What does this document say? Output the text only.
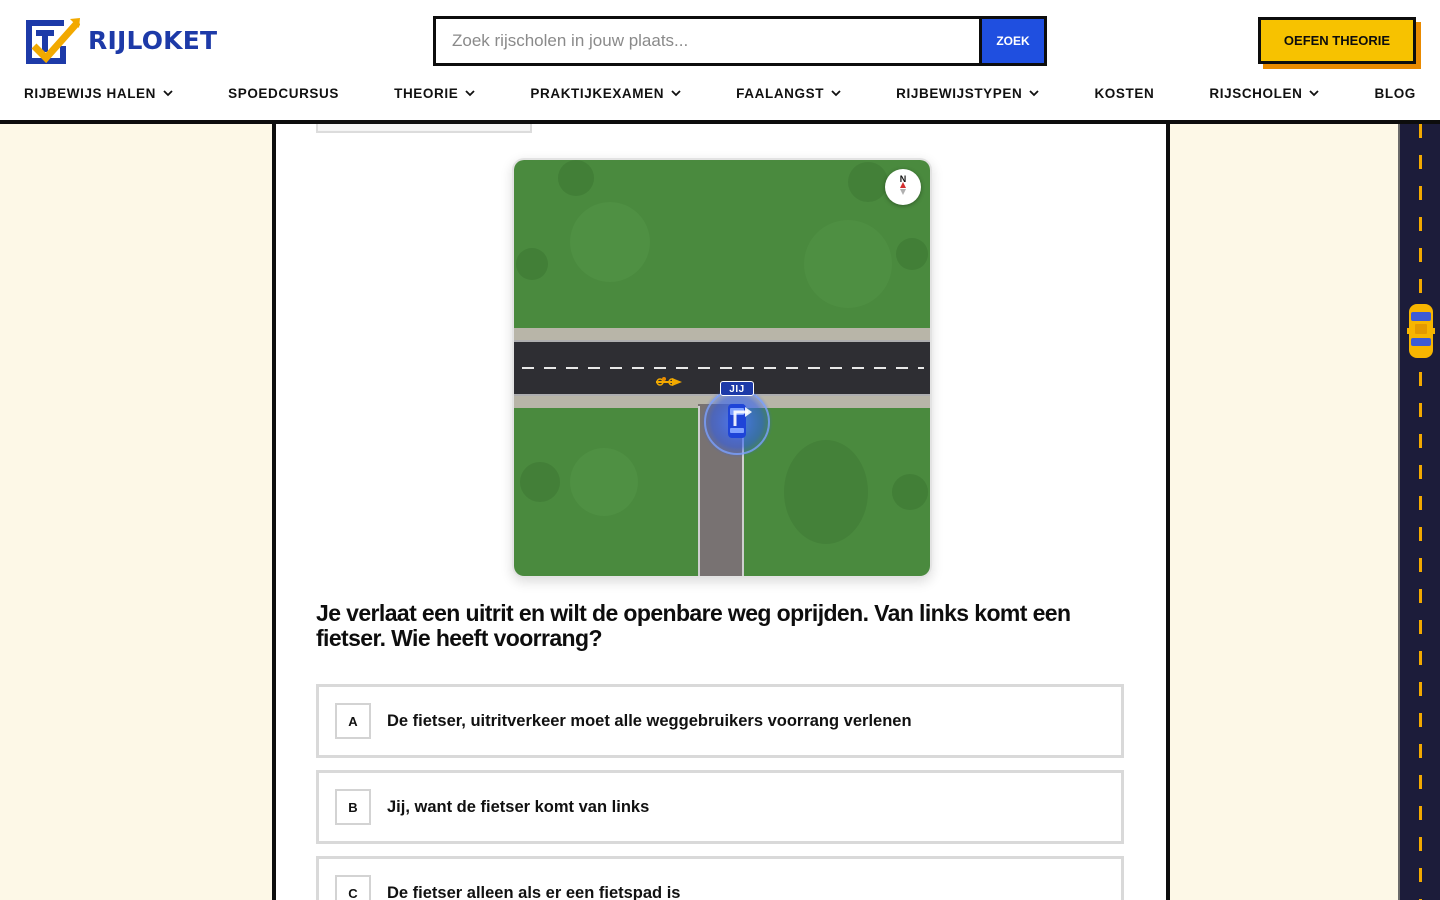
RIJLOKET
Zoek rijscholen in jouw plaats...	ZOEK	OEFEN THEORIE
RIJBEWIJS HALEN	SPOEDCURSUS	THEORIE	PRAKTIJKEXAMEN	FAALANGST	RIJBEWIJSTYPEN	KOSTEN	RIJSCHOLEN	BLOG
N
JIJ
Je verlaat een uitrit en wilt de openbare weg oprijden. Van links komt een fietser. Wie heeft voorrang?
A	De fietser, uitritverkeer moet alle weggebruikers voorrang verlenen
B	Jij, want de fietser komt van links
C	De fietser alleen als er een fietspad is
